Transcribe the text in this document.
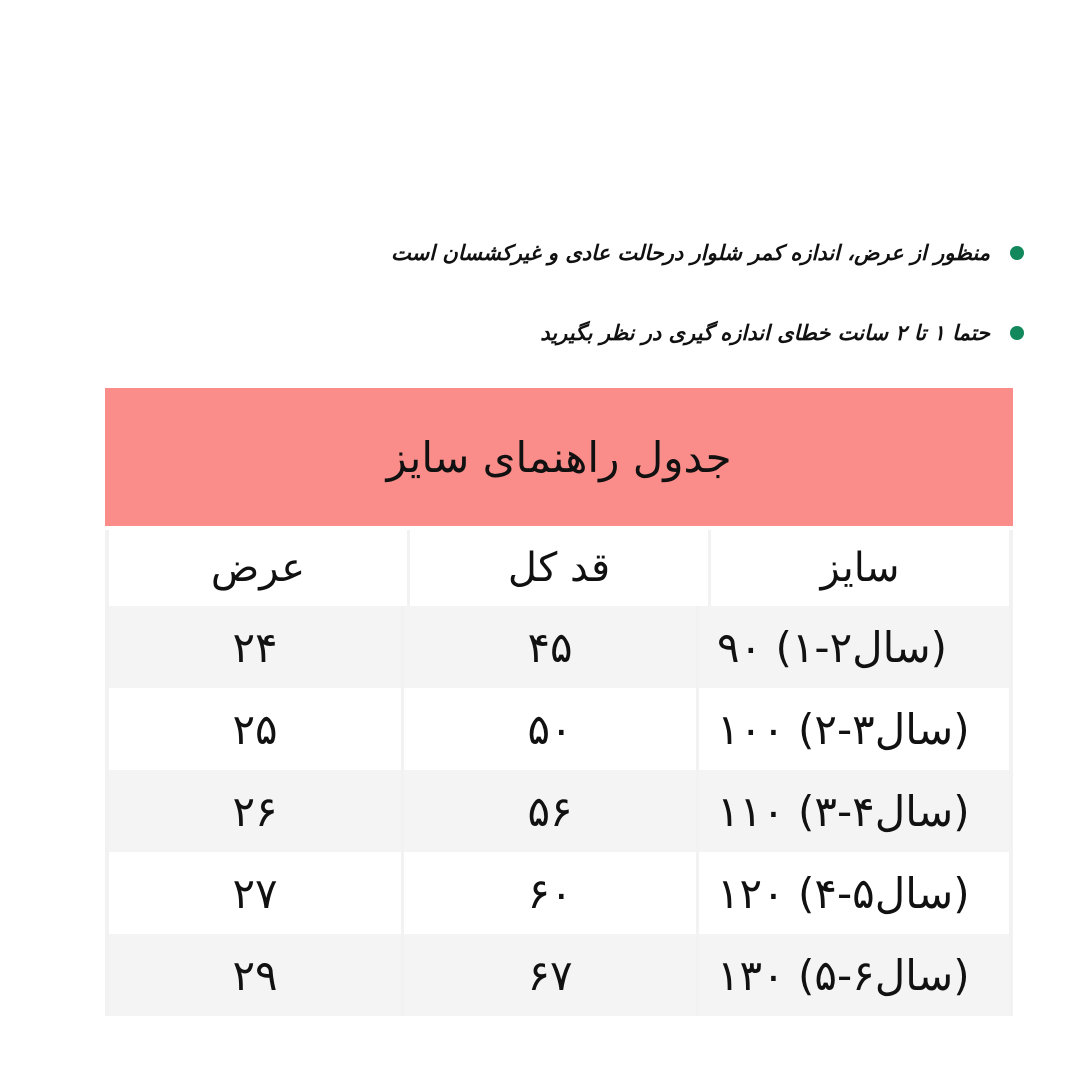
منظور از عرض، اندازه کمر شلوار درحالت عادی و غیرکشسان است
حتما ۱ تا ۲ سانت خطای اندازه گیری در نظر بگیرید
جدول راهنمای سایز
سایز
قد کل
عرض
۹۰ (۱-۲سال)
۴۵
۲۴
۱۰۰ (۲-۳سال)
۵۰
۲۵
۱۱۰ (۳-۴سال)
۵۶
۲۶
۱۲۰ (۴-۵سال)
۶۰
۲۷
۱۳۰ (۵-۶سال)
۶۷
۲۹
